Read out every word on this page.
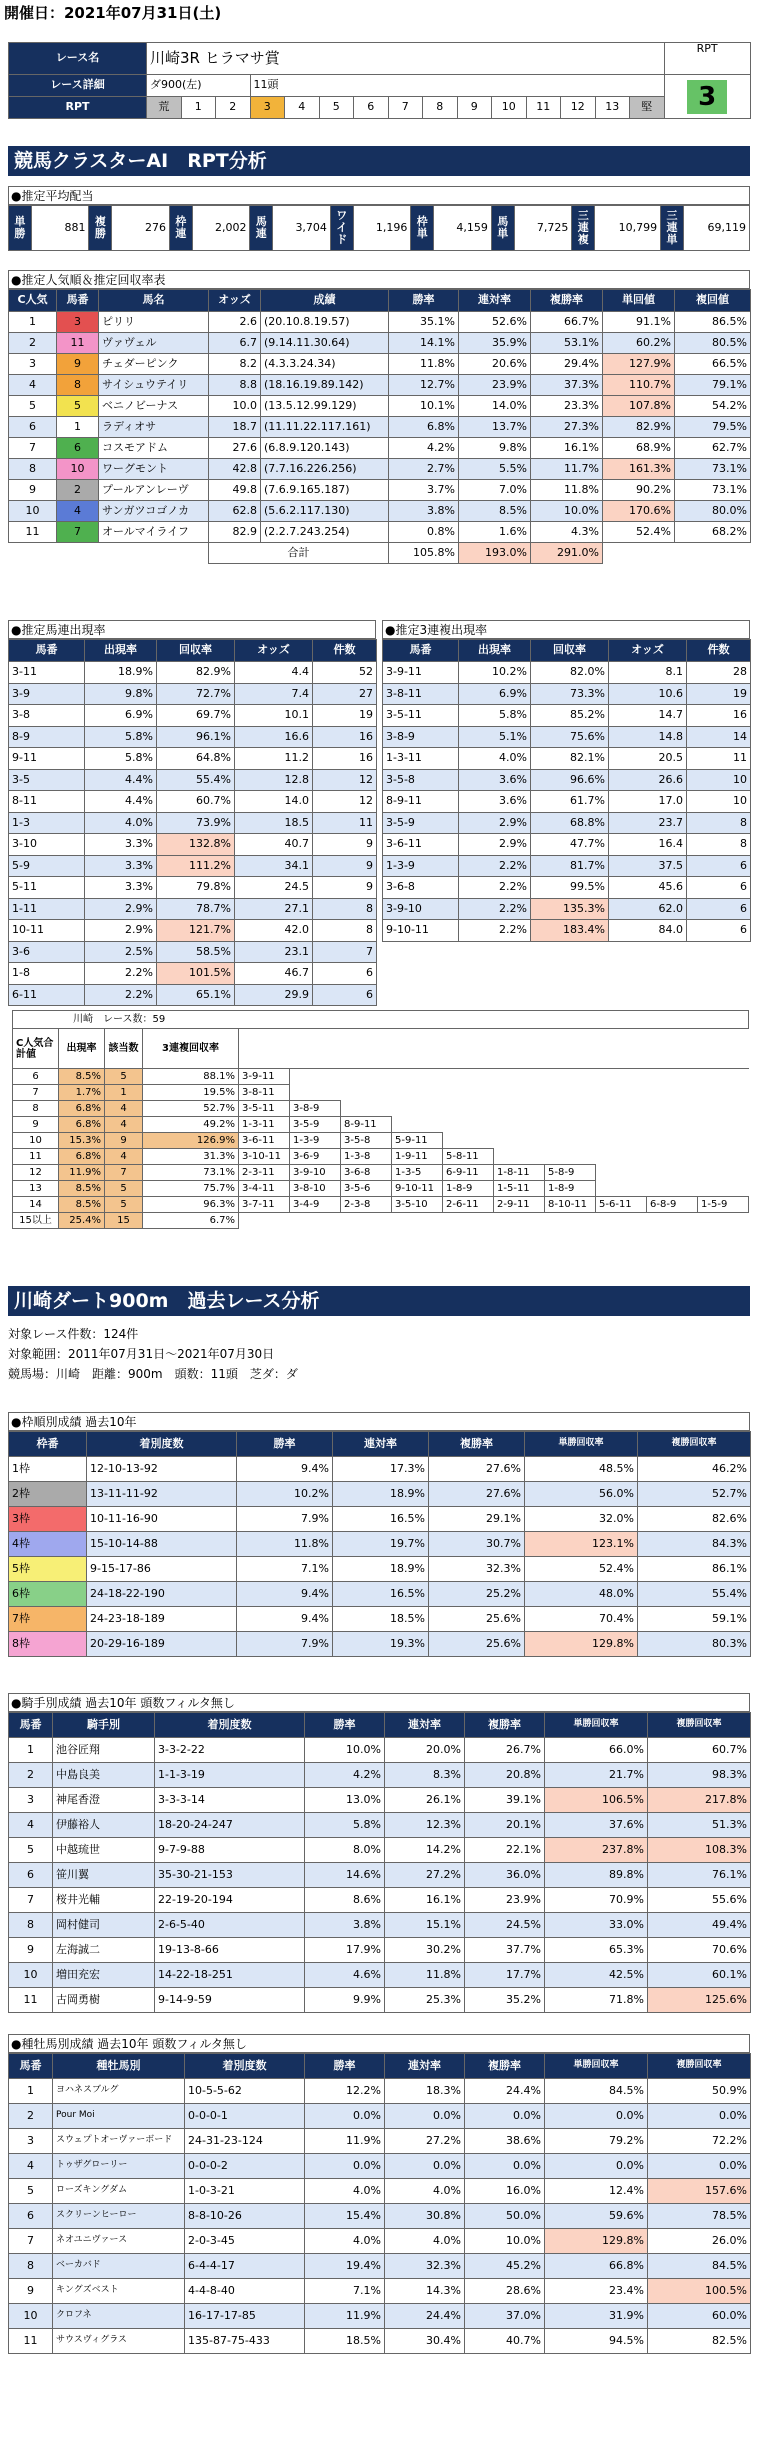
開催日：2021年07月31日(土)
レース名	川崎3R ヒラマサ賞															RPT
レース詳細	ダ900(左)			11頭												3
RPT	荒	1	2	3	4	5	6	7	8	9	10	11	12	13	堅	
競馬クラスターAI　RPT分析
●推定平均配当
単勝	881	複勝	276	枠連	2,002	馬連	3,704	ワイド	1,196	枠単	4,159	馬単	7,725	三連複	10,799	三連単	69,119
●推定人気順＆推定回収率表
C人気	馬番	馬名	オッズ	成績	勝率	連対率	複勝率	単回値	複回値
1	3	ピリリ	2.6	(20.10.8.19.57)	35.1%	52.6%	66.7%	91.1%	86.5%
2	11	ヴァヴェル	6.7	(9.14.11.30.64)	14.1%	35.9%	53.1%	60.2%	80.5%
3	9	チェダーピンク	8.2	(4.3.3.24.34)	11.8%	20.6%	29.4%	127.9%	66.5%
4	8	サイシュウテイリ	8.8	(18.16.19.89.142)	12.7%	23.9%	37.3%	110.7%	79.1%
5	5	ベニノビーナス	10.0	(13.5.12.99.129)	10.1%	14.0%	23.3%	107.8%	54.2%
6	1	ラディオサ	18.7	(11.11.22.117.161)	6.8%	13.7%	27.3%	82.9%	79.5%
7	6	コスモアドム	27.6	(6.8.9.120.143)	4.2%	9.8%	16.1%	68.9%	62.7%
8	10	ワーグモント	42.8	(7.7.16.226.256)	2.7%	5.5%	11.7%	161.3%	73.1%
9	2	プールアンレーヴ	49.8	(7.6.9.165.187)	3.7%	7.0%	11.8%	90.2%	73.1%
10	4	サンガツコゴノカ	62.8	(5.6.2.117.130)	3.8%	8.5%	10.0%	170.6%	80.0%
11	7	オールマイライフ	82.9	(2.2.7.243.254)	0.8%	1.6%	4.3%	52.4%	68.2%
			合計		105.8%	193.0%	291.0%		
●推定馬連出現率
馬番	出現率	回収率	オッズ	件数
3-11	18.9%	82.9%	4.4	52
3-9	9.8%	72.7%	7.4	27
3-8	6.9%	69.7%	10.1	19
8-9	5.8%	96.1%	16.6	16
9-11	5.8%	64.8%	11.2	16
3-5	4.4%	55.4%	12.8	12
8-11	4.4%	60.7%	14.0	12
1-3	4.0%	73.9%	18.5	11
3-10	3.3%	132.8%	40.7	9
5-9	3.3%	111.2%	34.1	9
5-11	3.3%	79.8%	24.5	9
1-11	2.9%	78.7%	27.1	8
10-11	2.9%	121.7%	42.0	8
3-6	2.5%	58.5%	23.1	7
1-8	2.2%	101.5%	46.7	6
6-11	2.2%	65.1%	29.9	6
●推定3連複出現率
馬番	出現率	回収率	オッズ	件数
3-9-11	10.2%	82.0%	8.1	28
3-8-11	6.9%	73.3%	10.6	19
3-5-11	5.8%	85.2%	14.7	16
3-8-9	5.1%	75.6%	14.8	14
1-3-11	4.0%	82.1%	20.5	11
3-5-8	3.6%	96.6%	26.6	10
8-9-11	3.6%	61.7%	17.0	10
3-5-9	2.9%	68.8%	23.7	8
3-6-11	2.9%	47.7%	16.4	8
1-3-9	2.2%	81.7%	37.5	6
3-6-8	2.2%	99.5%	45.6	6
3-9-10	2.2%	135.3%	62.0	6
9-10-11	2.2%	183.4%	84.0	6
川崎　 レース数：59													
C人気合計値	出現率	該当数	3連複回収率										
6	8.5%	5	88.1%	3-9-11									
7	1.7%	1	19.5%	3-8-11									
8	6.8%	4	52.7%	3-5-11	3-8-9								
9	6.8%	4	49.2%	1-3-11	3-5-9	8-9-11							
10	15.3%	9	126.9%	3-6-11	1-3-9	3-5-8	5-9-11						
11	6.8%	4	31.3%	3-10-11	3-6-9	1-3-8	1-9-11	5-8-11					
12	11.9%	7	73.1%	2-3-11	3-9-10	3-6-8	1-3-5	6-9-11	1-8-11	5-8-9			
13	8.5%	5	75.7%	3-4-11	3-8-10	3-5-6	9-10-11	1-8-9	1-5-11	1-8-9			
14	8.5%	5	96.3%	3-7-11	3-4-9	2-3-8	3-5-10	2-6-11	2-9-11	8-10-11	5-6-11	6-8-9	1-5-9
15以上	25.4%	15	6.7%										
川崎ダート900m　過去レース分析
対象レース件数：124件
対象範囲：2011年07月31日〜2021年07月30日
競馬場：川崎　距離：900m　頭数：11頭　芝ダ：ダ
●枠順別成績 過去10年
枠番	着別度数	勝率	連対率	複勝率	単勝回収率	複勝回収率
1枠	12-10-13-92	9.4%	17.3%	27.6%	48.5%	46.2%
2枠	13-11-11-92	10.2%	18.9%	27.6%	56.0%	52.7%
3枠	10-11-16-90	7.9%	16.5%	29.1%	32.0%	82.6%
4枠	15-10-14-88	11.8%	19.7%	30.7%	123.1%	84.3%
5枠	9-15-17-86	7.1%	18.9%	32.3%	52.4%	86.1%
6枠	24-18-22-190	9.4%	16.5%	25.2%	48.0%	55.4%
7枠	24-23-18-189	9.4%	18.5%	25.6%	70.4%	59.1%
8枠	20-29-16-189	7.9%	19.3%	25.6%	129.8%	80.3%
●騎手別成績 過去10年 頭数フィルタ無し
馬番	騎手別	着別度数	勝率	連対率	複勝率	単勝回収率	複勝回収率
1	池谷匠翔	3-3-2-22	10.0%	20.0%	26.7%	66.0%	60.7%
2	中島良美	1-1-3-19	4.2%	8.3%	20.8%	21.7%	98.3%
3	神尾香澄	3-3-3-14	13.0%	26.1%	39.1%	106.5%	217.8%
4	伊藤裕人	18-20-24-247	5.8%	12.3%	20.1%	37.6%	51.3%
5	中越琉世	9-7-9-88	8.0%	14.2%	22.1%	237.8%	108.3%
6	笹川翼	35-30-21-153	14.6%	27.2%	36.0%	89.8%	76.1%
7	桜井光輔	22-19-20-194	8.6%	16.1%	23.9%	70.9%	55.6%
8	岡村健司	2-6-5-40	3.8%	15.1%	24.5%	33.0%	49.4%
9	左海誠二	19-13-8-66	17.9%	30.2%	37.7%	65.3%	70.6%
10	増田充宏	14-22-18-251	4.6%	11.8%	17.7%	42.5%	60.1%
11	古岡勇樹	9-14-9-59	9.9%	25.3%	35.2%	71.8%	125.6%
●種牡馬別成績 過去10年 頭数フィルタ無し
馬番	種牡馬別	着別度数	勝率	連対率	複勝率	単勝回収率	複勝回収率
1	ヨハネスブルグ	10-5-5-62	12.2%	18.3%	24.4%	84.5%	50.9%
2	Pour Moi	0-0-0-1	0.0%	0.0%	0.0%	0.0%	0.0%
3	スウェプトオーヴァーボード	24-31-23-124	11.9%	27.2%	38.6%	79.2%	72.2%
4	トゥザグローリー	0-0-0-2	0.0%	0.0%	0.0%	0.0%	0.0%
5	ローズキングダム	1-0-3-21	4.0%	4.0%	16.0%	12.4%	157.6%
6	スクリーンヒーロー	8-8-10-26	15.4%	30.8%	50.0%	59.6%	78.5%
7	ネオユニヴァース	2-0-3-45	4.0%	4.0%	10.0%	129.8%	26.0%
8	ベーカバド	6-4-4-17	19.4%	32.3%	45.2%	66.8%	84.5%
9	キングズベスト	4-4-8-40	7.1%	14.3%	28.6%	23.4%	100.5%
10	クロフネ	16-17-17-85	11.9%	24.4%	37.0%	31.9%	60.0%
11	サウスヴィグラス	135-87-75-433	18.5%	30.4%	40.7%	94.5%	82.5%
